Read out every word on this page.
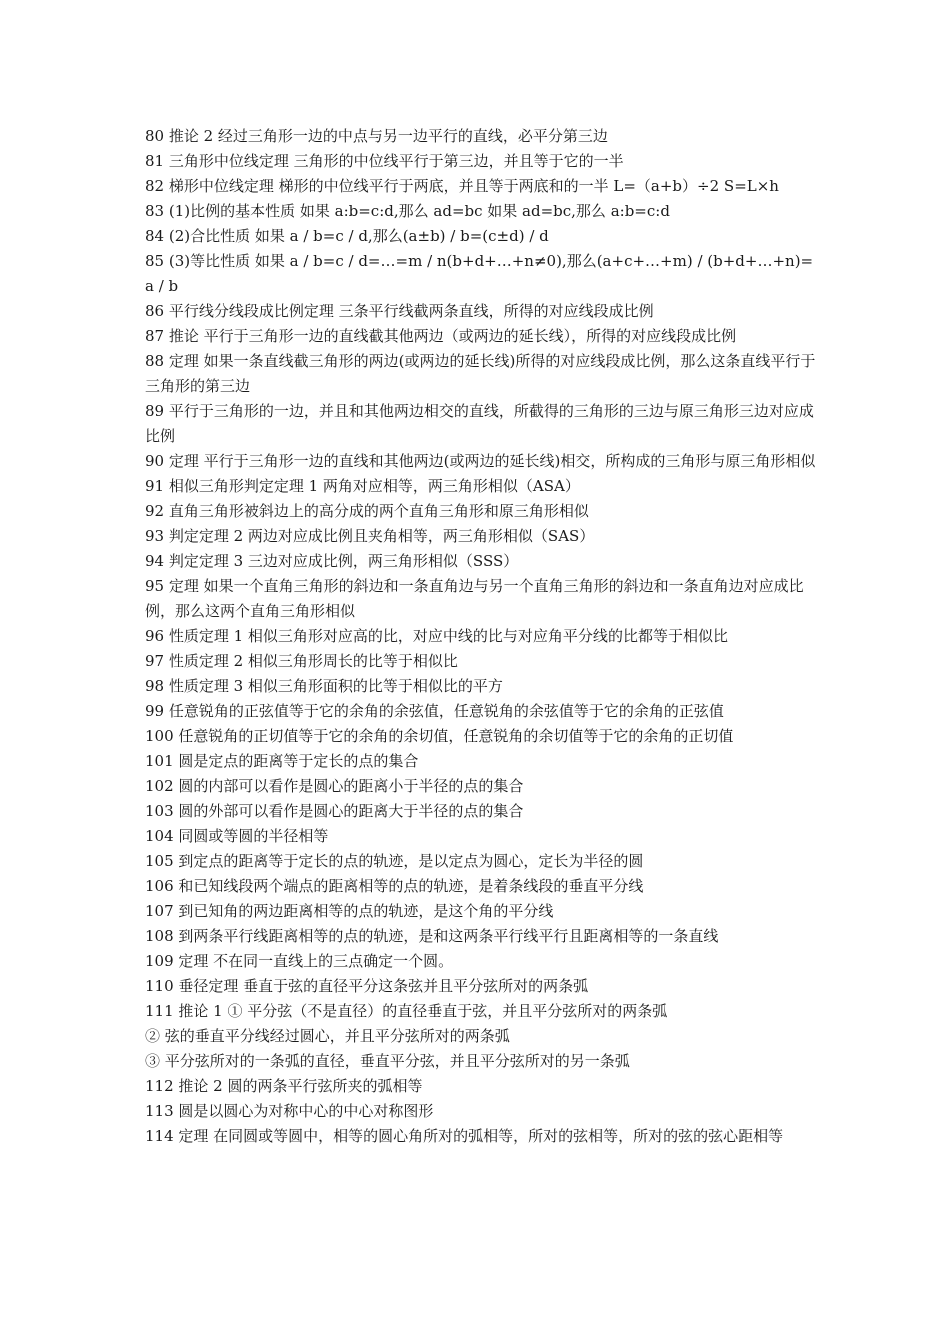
80 推论 2 经过三角形一边的中点与另一边平行的直线，必平分第三边

81 三角形中位线定理 三角形的中位线平行于第三边，并且等于它的一半

82 梯形中位线定理 梯形的中位线平行于两底，并且等于两底和的一半 L=（a+b）÷2 S=L×h

83 (1)比例的基本性质 如果 a:b=c:d,那么 ad=bc 如果 ad=bc,那么 a:b=c:d

84 (2)合比性质 如果 a / b=c / d,那么(a±b) / b=(c±d) / d

85 (3)等比性质 如果 a / b=c / d=…=m / n(b+d+…+n≠0),那么(a+c+…+m) / (b+d+…+n)=a / b

86 平行线分线段成比例定理 三条平行线截两条直线，所得的对应线段成比例

87 推论 平行于三角形一边的直线截其他两边（或两边的延长线），所得的对应线段成比例

88 定理 如果一条直线截三角形的两边(或两边的延长线)所得的对应线段成比例，那么这条直线平行于三角形的第三边

89 平行于三角形的一边，并且和其他两边相交的直线，所截得的三角形的三边与原三角形三边对应成比例

90 定理 平行于三角形一边的直线和其他两边(或两边的延长线)相交，所构成的三角形与原三角形相似

91 相似三角形判定定理 1 两角对应相等，两三角形相似（ASA）

92 直角三角形被斜边上的高分成的两个直角三角形和原三角形相似

93 判定定理 2 两边对应成比例且夹角相等，两三角形相似（SAS）

94 判定定理 3 三边对应成比例，两三角形相似（SSS）

95 定理 如果一个直角三角形的斜边和一条直角边与另一个直角三角形的斜边和一条直角边对应成比例，那么这两个直角三角形相似

96 性质定理 1 相似三角形对应高的比，对应中线的比与对应角平分线的比都等于相似比

97 性质定理 2 相似三角形周长的比等于相似比

98 性质定理 3 相似三角形面积的比等于相似比的平方

99 任意锐角的正弦值等于它的余角的余弦值，任意锐角的余弦值等于它的余角的正弦值

100 任意锐角的正切值等于它的余角的余切值，任意锐角的余切值等于它的余角的正切值

101 圆是定点的距离等于定长的点的集合

102 圆的内部可以看作是圆心的距离小于半径的点的集合

103 圆的外部可以看作是圆心的距离大于半径的点的集合

104 同圆或等圆的半径相等

105 到定点的距离等于定长的点的轨迹，是以定点为圆心，定长为半径的圆

106 和已知线段两个端点的距离相等的点的轨迹，是着条线段的垂直平分线

107 到已知角的两边距离相等的点的轨迹，是这个角的平分线

108 到两条平行线距离相等的点的轨迹，是和这两条平行线平行且距离相等的一条直线

109 定理 不在同一直线上的三点确定一个圆。

110 垂径定理 垂直于弦的直径平分这条弦并且平分弦所对的两条弧

111 推论 1 ① 平分弦（不是直径）的直径垂直于弦，并且平分弦所对的两条弧

② 弦的垂直平分线经过圆心，并且平分弦所对的两条弧

③ 平分弦所对的一条弧的直径，垂直平分弦，并且平分弦所对的另一条弧

112 推论 2 圆的两条平行弦所夹的弧相等

113 圆是以圆心为对称中心的中心对称图形

114 定理 在同圆或等圆中，相等的圆心角所对的弧相等，所对的弦相等，所对的弦的弦心距相等
